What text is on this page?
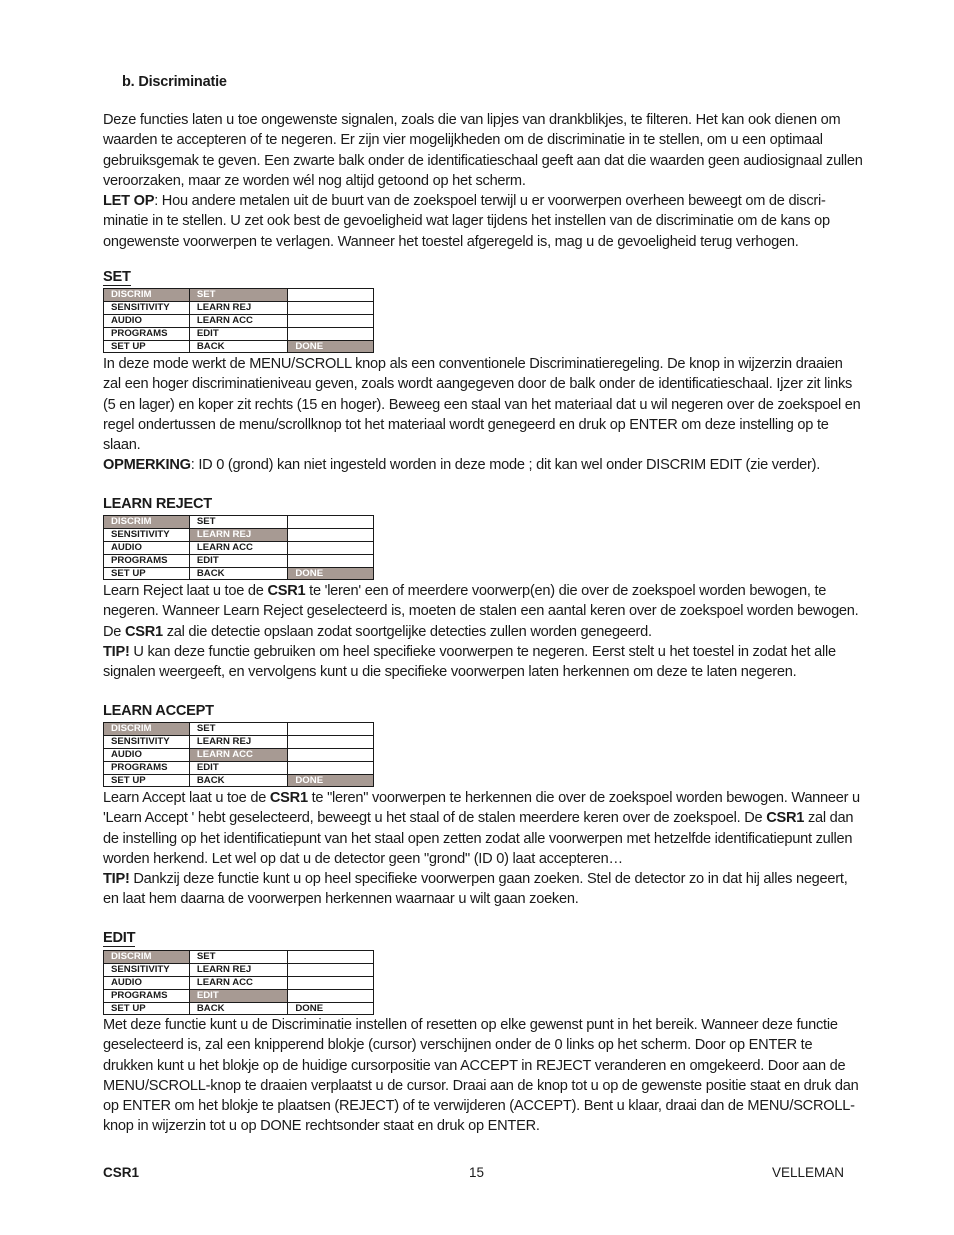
b. Discriminatie
Deze functies laten u toe ongewenste signalen, zoals die van lipjes van drankblikjes, te filteren. Het kan ook dienen om waarden te accepteren of te negeren. Er zijn vier mogelijkheden om de discriminatie in te stellen, om u een optimaal gebruiksgemak te geven. Een zwarte balk onder de identificatieschaal geeft aan dat die waarden geen audiosignaal zullen veroorzaken, maar ze worden wél nog altijd getoond op het scherm.
LET OP: Hou andere metalen uit de buurt van de zoekspoel terwijl u er voorwerpen overheen beweegt om de discri-minatie in te stellen. U zet ook best de gevoeligheid wat lager tijdens het instellen van de discriminatie om de kans op ongewenste voorwerpen te verlagen. Wanneer het toestel afgeregeld is, mag u de gevoeligheid terug verhogen.
SET
DISCRIM	SET	
SENSITIVITY	LEARN REJ	
AUDIO	LEARN ACC	
PROGRAMS	EDIT	
SET UP	BACK	DONE
In deze mode werkt de MENU/SCROLL knop als een conventionele Discriminatieregeling. De knop in wijzerzin draaien zal een hoger discriminatieniveau geven, zoals wordt aangegeven door de balk onder de identificatieschaal. Ijzer zit links (5 en lager) en koper zit rechts (15 en hoger). Beweeg een staal van het materiaal dat u wil negeren over de zoekspoel en regel ondertussen de menu/scrollknop tot het materiaal wordt genegeerd en druk op ENTER om deze instelling op te slaan.
OPMERKING: ID 0 (grond) kan niet ingesteld worden in deze mode ; dit kan wel onder DISCRIM EDIT (zie verder).
LEARN REJECT
DISCRIM	SET	
SENSITIVITY	LEARN REJ	
AUDIO	LEARN ACC	
PROGRAMS	EDIT	
SET UP	BACK	DONE
Learn Reject laat u toe de CSR1 te 'leren' een of meerdere voorwerp(en) die over de zoekspoel worden bewogen, te negeren. Wanneer Learn Reject geselecteerd is, moeten de stalen een aantal keren over de zoekspoel worden bewogen. De CSR1 zal die detectie opslaan zodat soortgelijke detecties zullen worden genegeerd.
TIP! U kan deze functie gebruiken om heel specifieke voorwerpen te negeren. Eerst stelt u het toestel in zodat het alle signalen weergeeft, en vervolgens kunt u die specifieke voorwerpen laten herkennen om deze te laten negeren.
LEARN ACCEPT
DISCRIM	SET	
SENSITIVITY	LEARN REJ	
AUDIO	LEARN ACC	
PROGRAMS	EDIT	
SET UP	BACK	DONE
Learn Accept laat u toe de CSR1 te "leren" voorwerpen te herkennen die over de zoekspoel worden bewogen. Wanneer u 'Learn Accept ' hebt geselecteerd, beweegt u het staal of de stalen meerdere keren over de zoekspoel. De CSR1 zal dan de instelling op het identificatiepunt van het staal open zetten zodat alle voorwerpen met hetzelfde identificatiepunt zullen worden herkend. Let wel op dat u de detector geen "grond" (ID 0) laat accepteren…
TIP! Dankzij deze functie kunt u op heel specifieke voorwerpen gaan zoeken. Stel de detector zo in dat hij alles negeert, en laat hem daarna de voorwerpen herkennen waarnaar u wilt gaan zoeken.
EDIT
DISCRIM	SET	
SENSITIVITY	LEARN REJ	
AUDIO	LEARN ACC	
PROGRAMS	EDIT	
SET UP	BACK	DONE
Met deze functie kunt u de Discriminatie instellen of resetten op elke gewenst punt in het bereik. Wanneer deze functie geselecteerd is, zal een knipperend blokje (cursor) verschijnen onder de 0 links op het scherm. Door op ENTER te drukken kunt u het blokje op de huidige cursorpositie van ACCEPT in REJECT veranderen en omgekeerd. Door aan de MENU/SCROLL-knop te draaien verplaatst u de cursor. Draai aan de knop tot u op de gewenste positie staat en druk dan op ENTER om het blokje te plaatsen (REJECT) of te verwijderen (ACCEPT). Bent u klaar, draai dan de MENU/SCROLL-knop in wijzerzin tot u op DONE rechtsonder staat en druk op ENTER.
CSR1	15	VELLEMAN
